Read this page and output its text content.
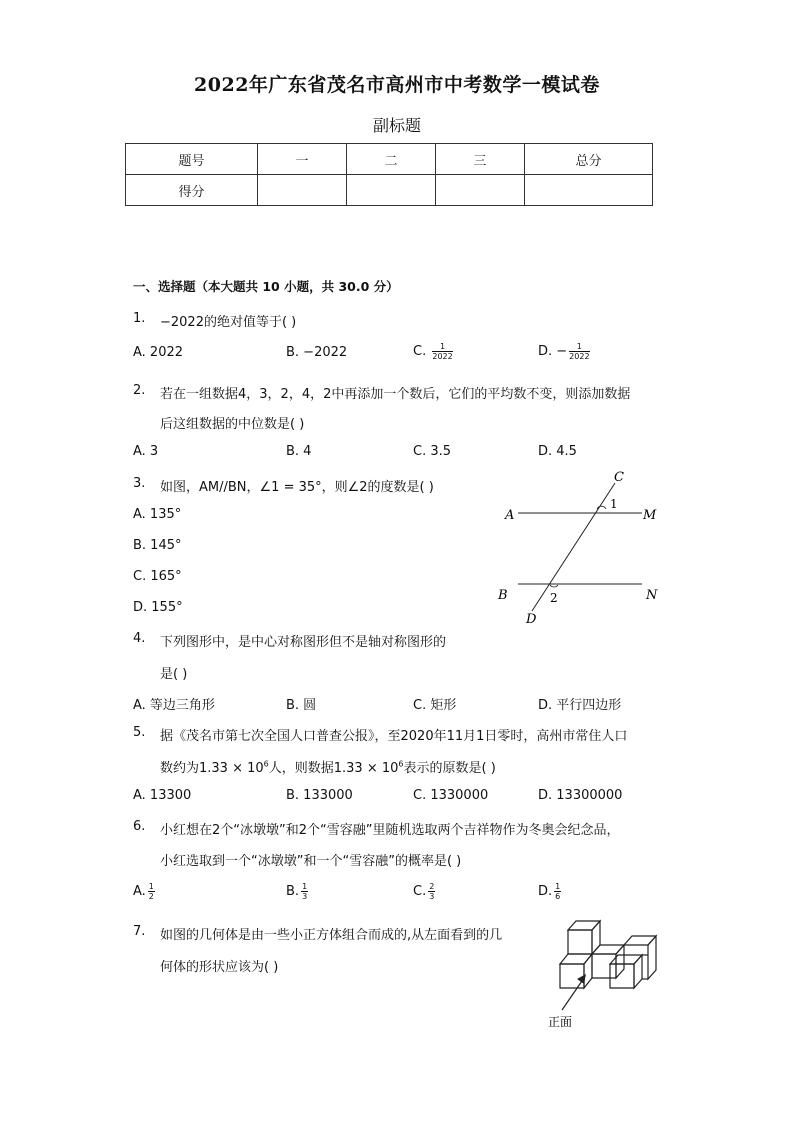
2022年广东省茂名市高州市中考数学一模试卷
副标题
题号	一	二	三	总分
得分				
一、选择题（本大题共 10 小题，共 30.0 分）
1. −2022的绝对值等于( )
A. 2022	B. −2022	C. $\frac{1}{2022}$	D. − $\frac{1}{2022}$
2. 若在一组数据4，3，2，4，2中再添加一个数后，它们的平均数不变，则添加数据
后这组数据的中位数是( )
A. 3	B. 4	C. 3.5	D. 4.5
3. 如图，AM//BN，∠1 = 35°，则∠2的度数是( )
A. 135°
B. 145°
C. 165°
D. 155°
C
A	M
1
B	N
2
D
4. 下列图形中，是中心对称图形但不是轴对称图形的
是( )
A. 等边三角形	B. 圆	C. 矩形	D. 平行四边形
5. 据《茂名市第七次全国人口普查公报》，至2020年11月1日零时，高州市常住人口
数约为$1.33 \times 10^6$人，则数据$1.33 \times 10^6$表示的原数是( )
A. 13300	B. 133000	C. 1330000	D. 13300000
6. 小红想在2个“冰墩墩”和2个“雪容融”里随机选取两个吉祥物作为冬奥会纪念品，
小红选取到一个“冰墩墩”和一个“雪容融”的概率是( )
A. $\frac{1}{2}$	B. $\frac{1}{3}$	C. $\frac{2}{3}$	D. $\frac{1}{6}$
7. 如图的几何体是由一些小正方体组合而成的,从左面看到的几
何体的形状应该为( )
正面
